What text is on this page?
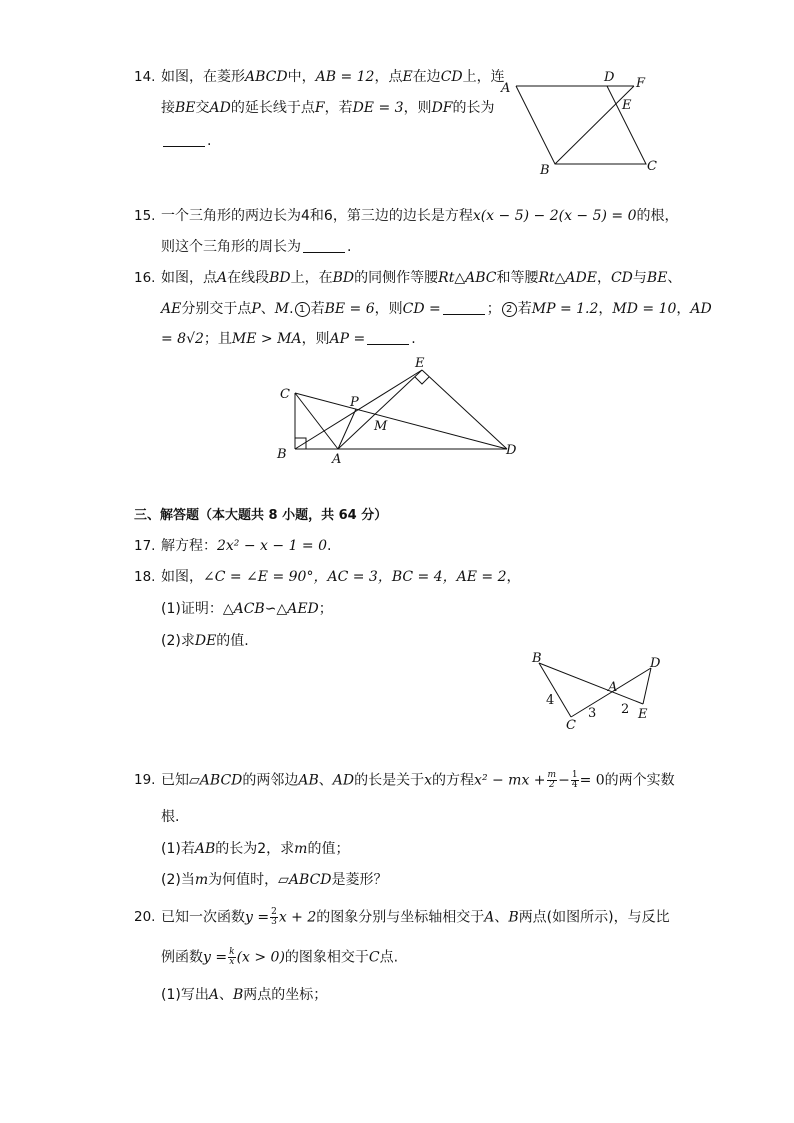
14. 如图，在菱形ABCD中，AB = 12，点E在边CD上，连
接BE交AD的延长线于点F，若DE = 3，则DF的长为
.
A
D F
E
B	C
15. 一个三角形的两边长为4和6，第三边的边长是方程x(x − 5) − 2(x − 5) = 0的根，
则这个三角形的周长为	.
16. 如图，点A在线段BD上，在BD的同侧作等腰Rt△ABC和等腰Rt△ADE，CD与BE、
AE分别交于点P、M. 1 若BE = 6，则CD =	； 2 若MP = 1.2，MD = 10，AD
= 8√2；且ME > MA，则AP =	.
C
B	A
D
E
P
M
三、解答题（本大题共 8 小题，共 64 分）
17. 解方程：2x² − x − 1 = 0.
18. 如图，∠C = ∠E = 90°，AC = 3，BC = 4，AE = 2，
(1)证明：△ACB∽△AED；
(2)求DE的值.
B	D
A
C
E
4
3 2
19. 已知▱ABCD的两邻边AB、AD的长是关于x的方程x² − mx + $\frac{m}{2} - \frac{1}{4} = 0$的两个实数
根.
(1)若AB的长为2，求m的值；
(2)当m为何值时，▱ABCD是菱形？
20. 已知一次函数$y = \frac{2}{3}$ x + 2的图象分别与坐标轴相交于A、B两点(如图所示)，与反比
例函数$y = \frac{k}{x} (x > 0)$的图象相交于C点.
(1)写出A、B两点的坐标；
